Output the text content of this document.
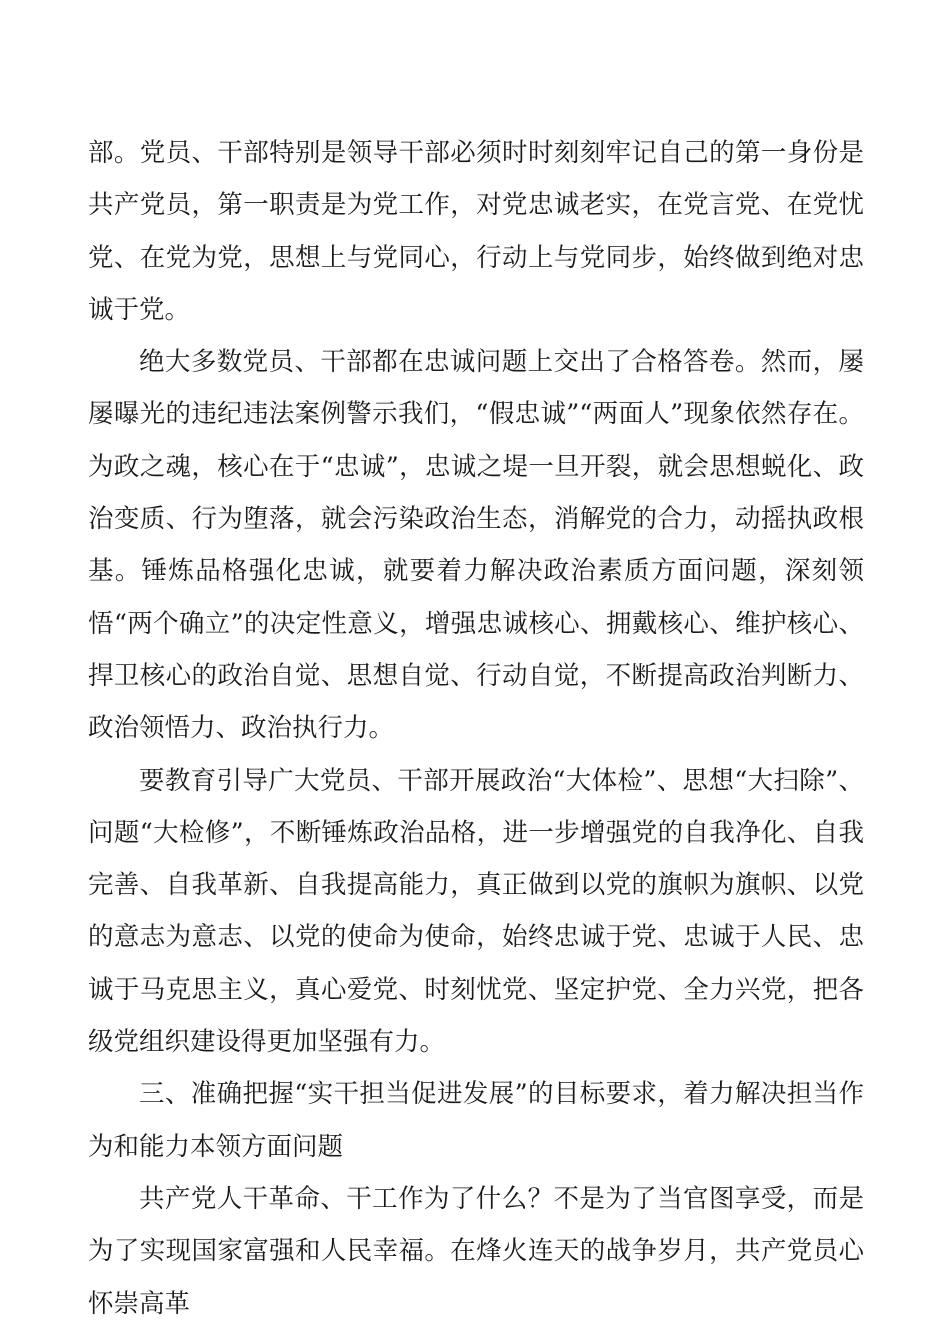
部。党员、干部特别是领导干部必须时时刻刻牢记自己的第一身份是共产党员，第一职责是为党工作，对党忠诚老实，在党言党、在党忧党、在党为党，思想上与党同心，行动上与党同步，始终做到绝对忠诚于党。

绝大多数党员、干部都在忠诚问题上交出了合格答卷。然而，屡屡曝光的违纪违法案例警示我们，“假忠诚”“两面人”现象依然存在。为政之魂，核心在于“忠诚”，忠诚之堤一旦开裂，就会思想蜕化、政治变质、行为堕落，就会污染政治生态，消解党的合力，动摇执政根基。锤炼品格强化忠诚，就要着力解决政治素质方面问题，深刻领悟“两个确立”的决定性意义，增强忠诚核心、拥戴核心、维护核心、捍卫核心的政治自觉、思想自觉、行动自觉，不断提高政治判断力、政治领悟力、政治执行力。

要教育引导广大党员、干部开展政治“大体检”、思想“大扫除”、问题“大检修”，不断锤炼政治品格，进一步增强党的自我净化、自我完善、自我革新、自我提高能力，真正做到以党的旗帜为旗帜、以党的意志为意志、以党的使命为使命，始终忠诚于党、忠诚于人民、忠诚于马克思主义，真心爱党、时刻忧党、坚定护党、全力兴党，把各级党组织建设得更加坚强有力。

三、准确把握“实干担当促进发展”的目标要求，着力解决担当作为和能力本领方面问题

共产党人干革命、干工作为了什么？不是为了当官图享受，而是为了实现国家富强和人民幸福。在烽火连天的战争岁月，共产党员心怀崇高革
